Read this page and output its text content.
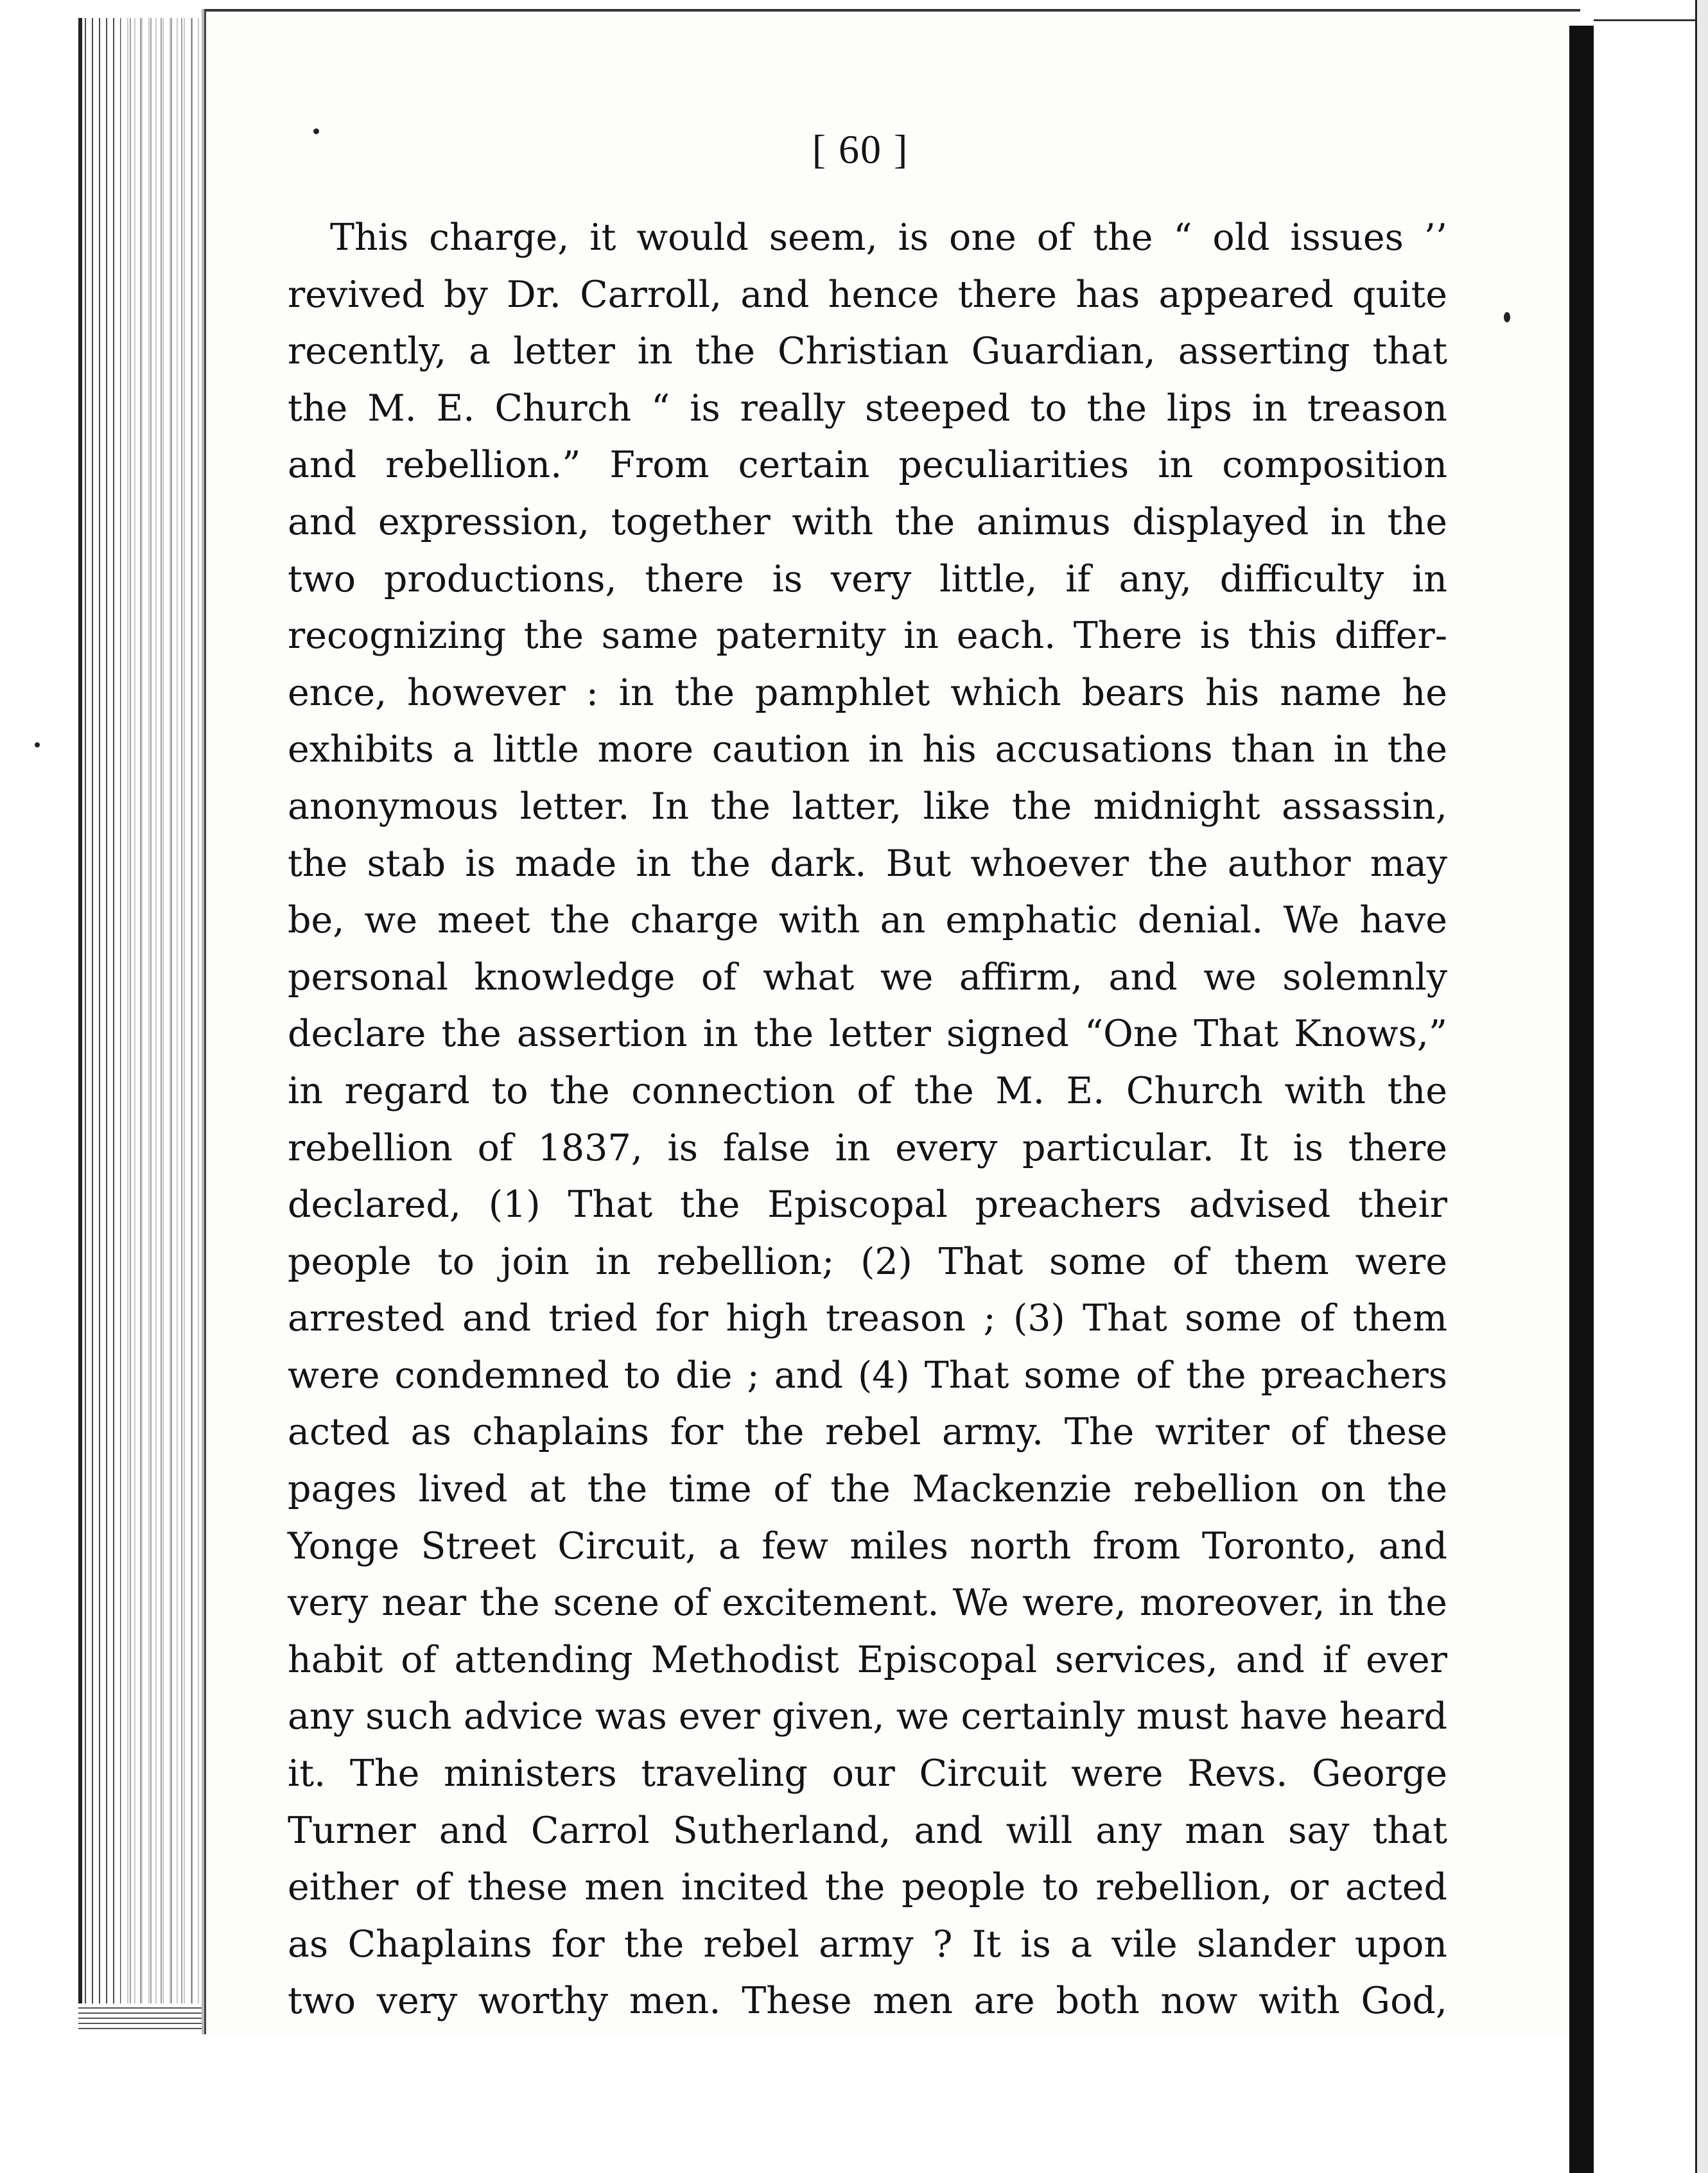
[ 60 ]
This charge, it would seem, is one of the “ old issues ’’
revived by Dr. Carroll, and hence there has appeared quite
recently, a letter in the Christian Guardian, asserting that
the M. E. Church “ is really steeped to the lips in treason
and rebellion.” From certain peculiarities in composition
and expression, together with the animus displayed in the
two productions, there is very little, if any, difficulty in
recognizing the same paternity in each. There is this differ-
ence, however : in the pamphlet which bears his name he
exhibits a little more caution in his accusations than in the
anonymous letter. In the latter, like the midnight assassin,
the stab is made in the dark. But whoever the author may
be, we meet the charge with an emphatic denial. We have
personal knowledge of what we affirm, and we solemnly
declare the assertion in the letter signed “One That Knows,”
in regard to the connection of the M. E. Church with the
rebellion of 1837, is false in every particular. It is there
declared, (1) That the Episcopal preachers advised their
people to join in rebellion; (2) That some of them were
arrested and tried for high treason ; (3) That some of them
were condemned to die ; and (4) That some of the preachers
acted as chaplains for the rebel army. The writer of these
pages lived at the time of the Mackenzie rebellion on the
Yonge Street Circuit, a few miles north from Toronto, and
very near the scene of excitement. We were, moreover, in the
habit of attending Methodist Episcopal services, and if ever
any such advice was ever given, we certainly must have heard
it. The ministers traveling our Circuit were Revs. George
Turner and Carrol Sutherland, and will any man say that
either of these men incited the people to rebellion, or acted
as Chaplains for the rebel army ? It is a vile slander upon
two very worthy men. These men are both now with God,
